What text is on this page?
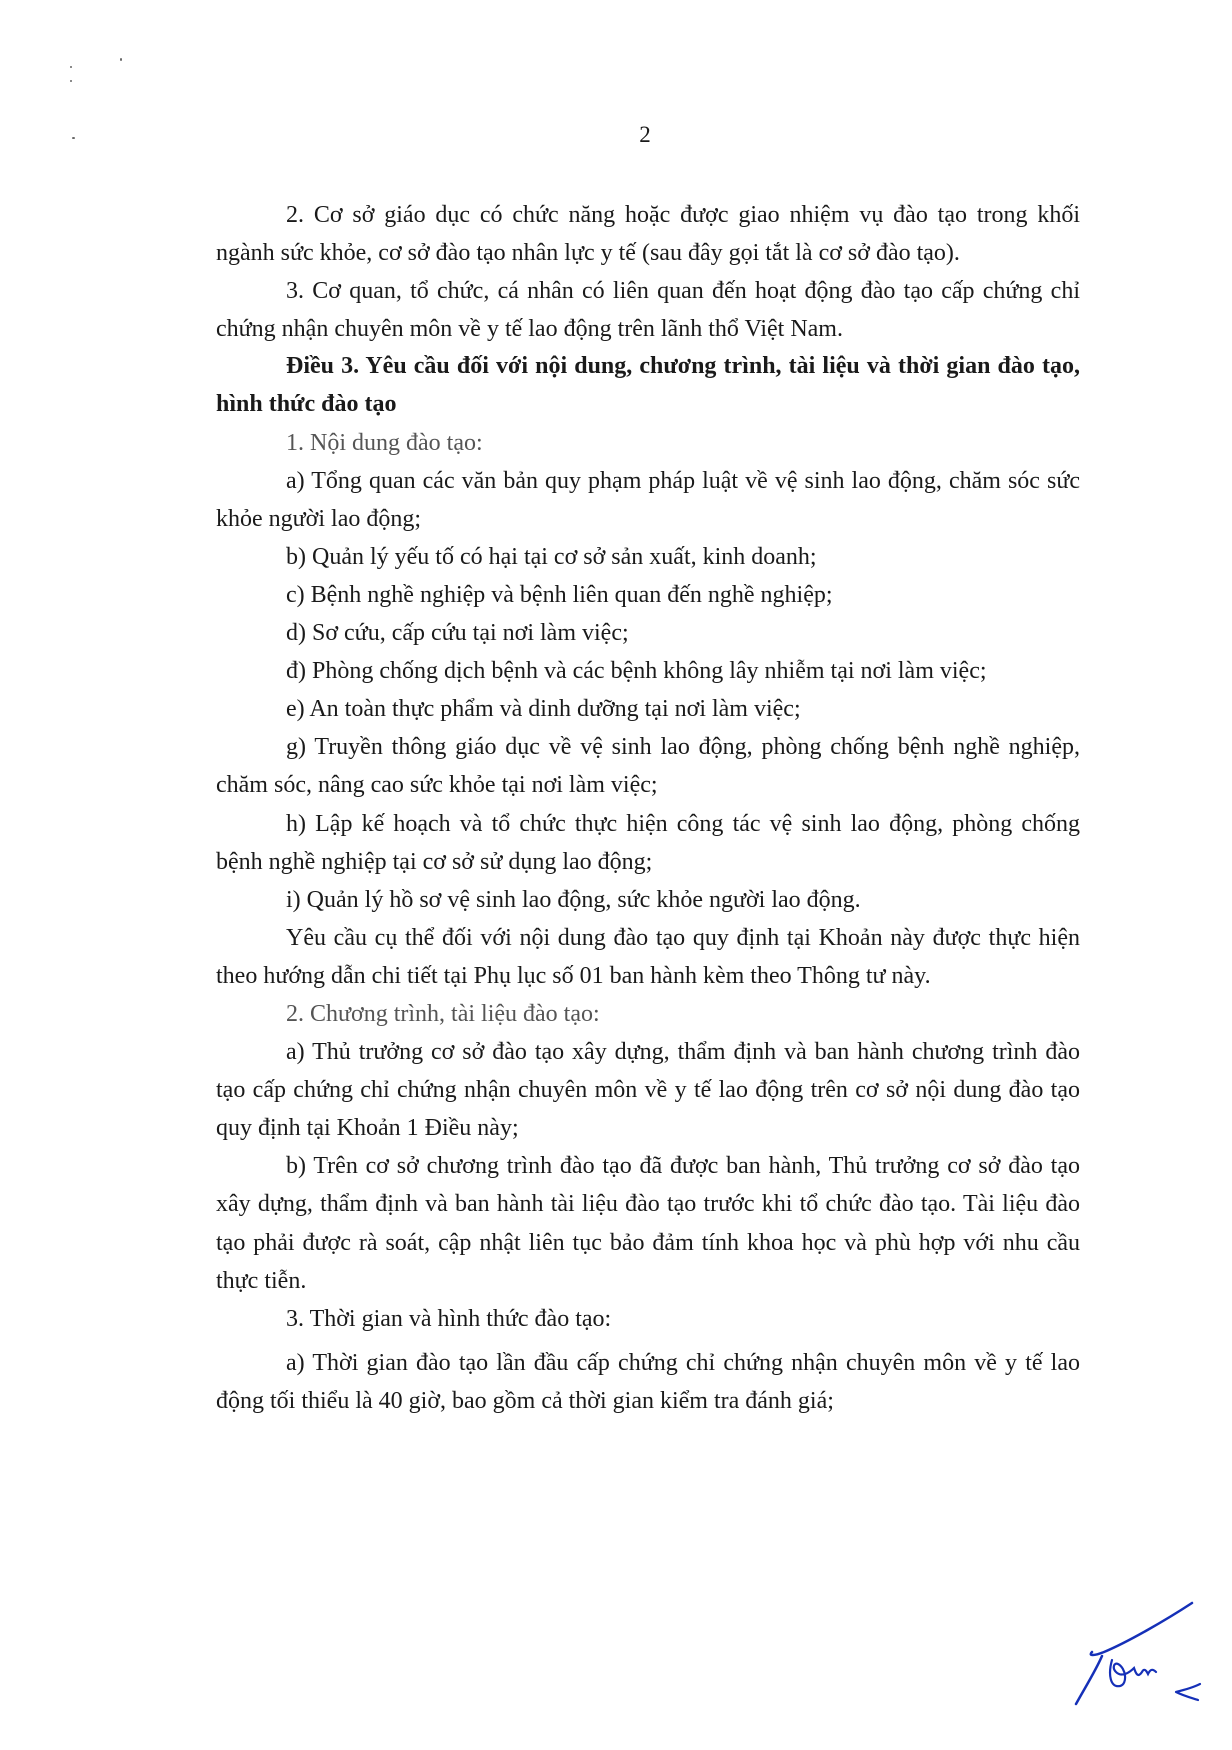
2

2. Cơ sở giáo dục có chức năng hoặc được giao nhiệm vụ đào tạo trong khối ngành sức khỏe, cơ sở đào tạo nhân lực y tế (sau đây gọi tắt là cơ sở đào tạo).

3. Cơ quan, tổ chức, cá nhân có liên quan đến hoạt động đào tạo cấp chứng chỉ chứng nhận chuyên môn về y tế lao động trên lãnh thổ Việt Nam.

Điều 3. Yêu cầu đối với nội dung, chương trình, tài liệu và thời gian đào tạo, hình thức đào tạo

1. Nội dung đào tạo:

a) Tổng quan các văn bản quy phạm pháp luật về vệ sinh lao động, chăm sóc sức khỏe người lao động;

b) Quản lý yếu tố có hại tại cơ sở sản xuất, kinh doanh;

c) Bệnh nghề nghiệp và bệnh liên quan đến nghề nghiệp;

d) Sơ cứu, cấp cứu tại nơi làm việc;

đ) Phòng chống dịch bệnh và các bệnh không lây nhiễm tại nơi làm việc;

e) An toàn thực phẩm và dinh dưỡng tại nơi làm việc;

g) Truyền thông giáo dục về vệ sinh lao động, phòng chống bệnh nghề nghiệp, chăm sóc, nâng cao sức khỏe tại nơi làm việc;

h) Lập kế hoạch và tổ chức thực hiện công tác vệ sinh lao động, phòng chống bệnh nghề nghiệp tại cơ sở sử dụng lao động;

i) Quản lý hồ sơ vệ sinh lao động, sức khỏe người lao động.

Yêu cầu cụ thể đối với nội dung đào tạo quy định tại Khoản này được thực hiện theo hướng dẫn chi tiết tại Phụ lục số 01 ban hành kèm theo Thông tư này.

2. Chương trình, tài liệu đào tạo:

a) Thủ trưởng cơ sở đào tạo xây dựng, thẩm định và ban hành chương trình đào tạo cấp chứng chỉ chứng nhận chuyên môn về y tế lao động trên cơ sở nội dung đào tạo quy định tại Khoản 1 Điều này;

b) Trên cơ sở chương trình đào tạo đã được ban hành, Thủ trưởng cơ sở đào tạo xây dựng, thẩm định và ban hành tài liệu đào tạo trước khi tổ chức đào tạo. Tài liệu đào tạo phải được rà soát, cập nhật liên tục bảo đảm tính khoa học và phù hợp với nhu cầu thực tiễn.

3. Thời gian và hình thức đào tạo:

a) Thời gian đào tạo lần đầu cấp chứng chỉ chứng nhận chuyên môn về y tế lao động tối thiểu là 40 giờ, bao gồm cả thời gian kiểm tra đánh giá;
